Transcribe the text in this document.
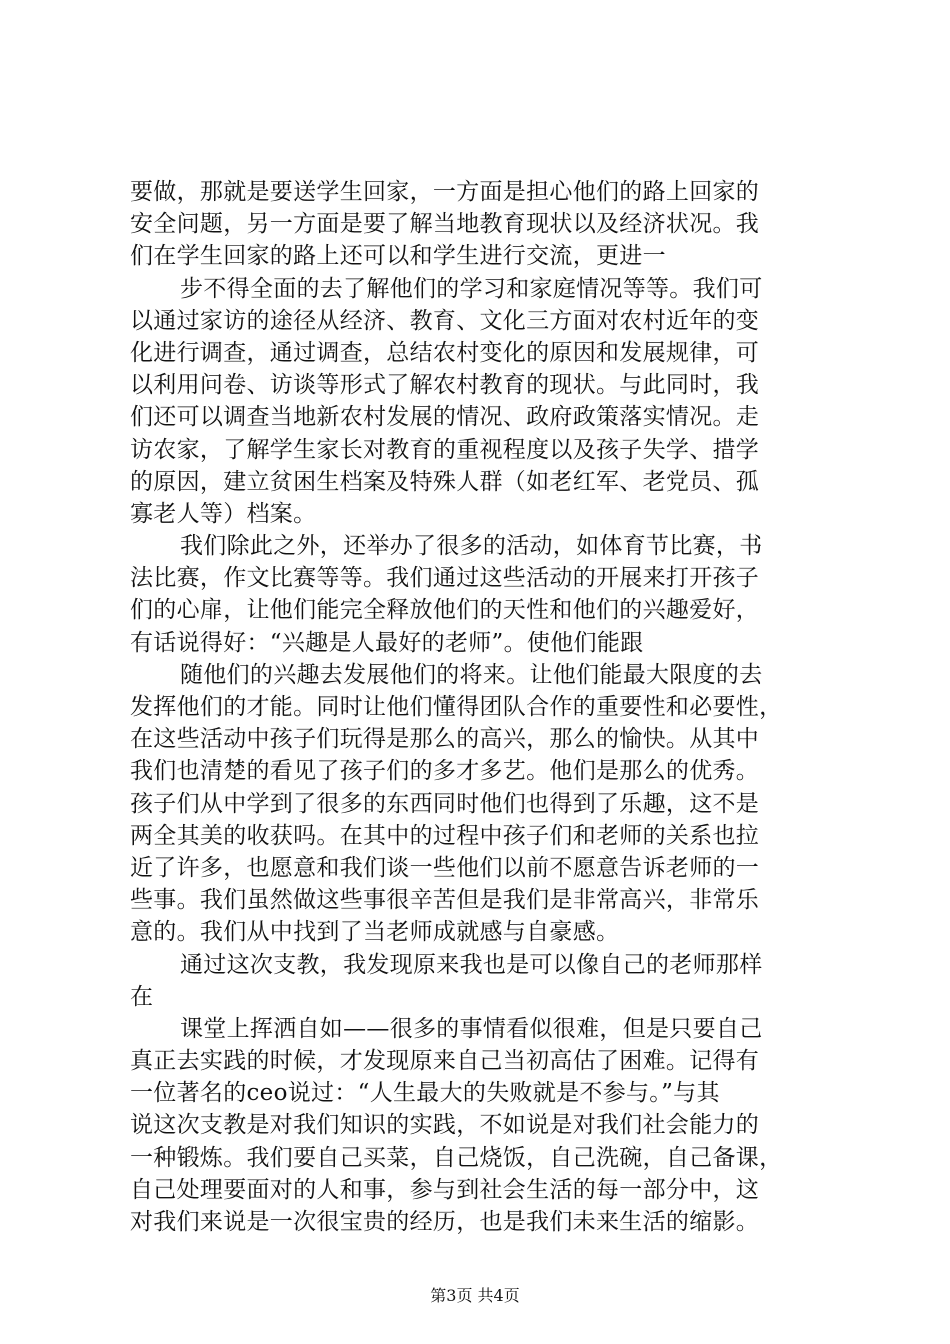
要做，那就是要送学生回家，一方面是担心他们的路上回家的
安全问题，另一方面是要了解当地教育现状以及经济状况。我
们在学生回家的路上还可以和学生进行交流，更进一
步不得全面的去了解他们的学习和家庭情况等等。我们可
以通过家访的途径从经济、教育、文化三方面对农村近年的变
化进行调查，通过调查，总结农村变化的原因和发展规律，可
以利用问卷、访谈等形式了解农村教育的现状。与此同时，我
们还可以调查当地新农村发展的情况、政府政策落实情况。走
访农家，了解学生家长对教育的重视程度以及孩子失学、措学
的原因，建立贫困生档案及特殊人群（如老红军、老党员、孤
寡老人等）档案。
我们除此之外，还举办了很多的活动，如体育节比赛，书
法比赛，作文比赛等等。我们通过这些活动的开展来打开孩子
们的心扉，让他们能完全释放他们的天性和他们的兴趣爱好，
有话说得好：“兴趣是人最好的老师”。使他们能跟
随他们的兴趣去发展他们的将来。让他们能最大限度的去
发挥他们的才能。同时让他们懂得团队合作的重要性和必要性，
在这些活动中孩子们玩得是那么的高兴，那么的愉快。从其中
我们也清楚的看见了孩子们的多才多艺。他们是那么的优秀。
孩子们从中学到了很多的东西同时他们也得到了乐趣，这不是
两全其美的收获吗。在其中的过程中孩子们和老师的关系也拉
近了许多，也愿意和我们谈一些他们以前不愿意告诉老师的一
些事。我们虽然做这些事很辛苦但是我们是非常高兴，非常乐
意的。我们从中找到了当老师成就感与自豪感。
通过这次支教，我发现原来我也是可以像自己的老师那样
在
课堂上挥洒自如——很多的事情看似很难，但是只要自己
真正去实践的时候，才发现原来自己当初高估了困难。记得有
一位著名的ceo说过：“人生最大的失败就是不参与。”与其
说这次支教是对我们知识的实践，不如说是对我们社会能力的
一种锻炼。我们要自己买菜，自己烧饭，自己洗碗，自己备课，
自己处理要面对的人和事，参与到社会生活的每一部分中，这
对我们来说是一次很宝贵的经历，也是我们未来生活的缩影。
第3页 共4页
